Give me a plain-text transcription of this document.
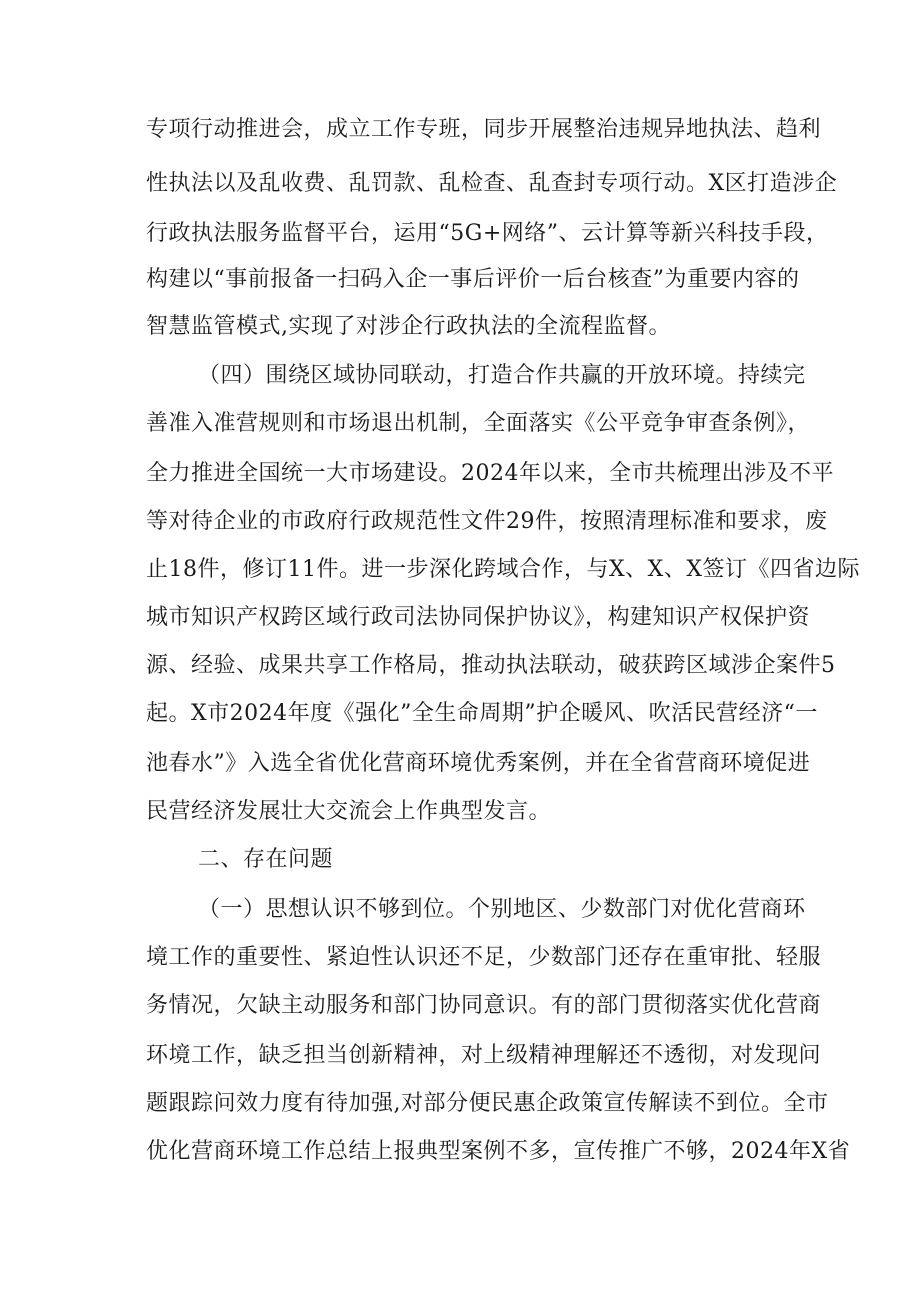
专项行动推进会，成立工作专班，同步开展整治违规异地执法、趋利
性执法以及乱收费、乱罚款、乱检查、乱查封专项行动。X区打造涉企
行政执法服务监督平台，运用“5G+网络”、云计算等新兴科技手段，
构建以“事前报备一扫码入企一事后评价一后台核查”为重要内容的
智慧监管模式,实现了对涉企行政执法的全流程监督。
（四）围绕区域协同联动，打造合作共赢的开放环境。持续完
善准入准营规则和市场退出机制，全面落实《公平竞争审查条例》，
全力推进全国统一大市场建设。2024年以来，全市共梳理出涉及不平
等对待企业的市政府行政规范性文件29件，按照清理标准和要求，废
止18件，修订11件。进一步深化跨域合作，与X、X、X签订《四省边际
城市知识产权跨区域行政司法协同保护协议》，构建知识产权保护资
源、经验、成果共享工作格局，推动执法联动，破获跨区域涉企案件5
起。X市2024年度《强化”全生命周期”护企暖风、吹活民营经济“一
池春水”》入选全省优化营商环境优秀案例，并在全省营商环境促进
民营经济发展壮大交流会上作典型发言。
二、存在问题
（一）思想认识不够到位。个别地区、少数部门对优化营商环
境工作的重要性、紧迫性认识还不足，少数部门还存在重审批、轻服
务情况，欠缺主动服务和部门协同意识。有的部门贯彻落实优化营商
环境工作，缺乏担当创新精神，对上级精神理解还不透彻，对发现问
题跟踪问效力度有待加强,对部分便民惠企政策宣传解读不到位。全市
优化营商环境工作总结上报典型案例不多，宣传推广不够，2024年X省
